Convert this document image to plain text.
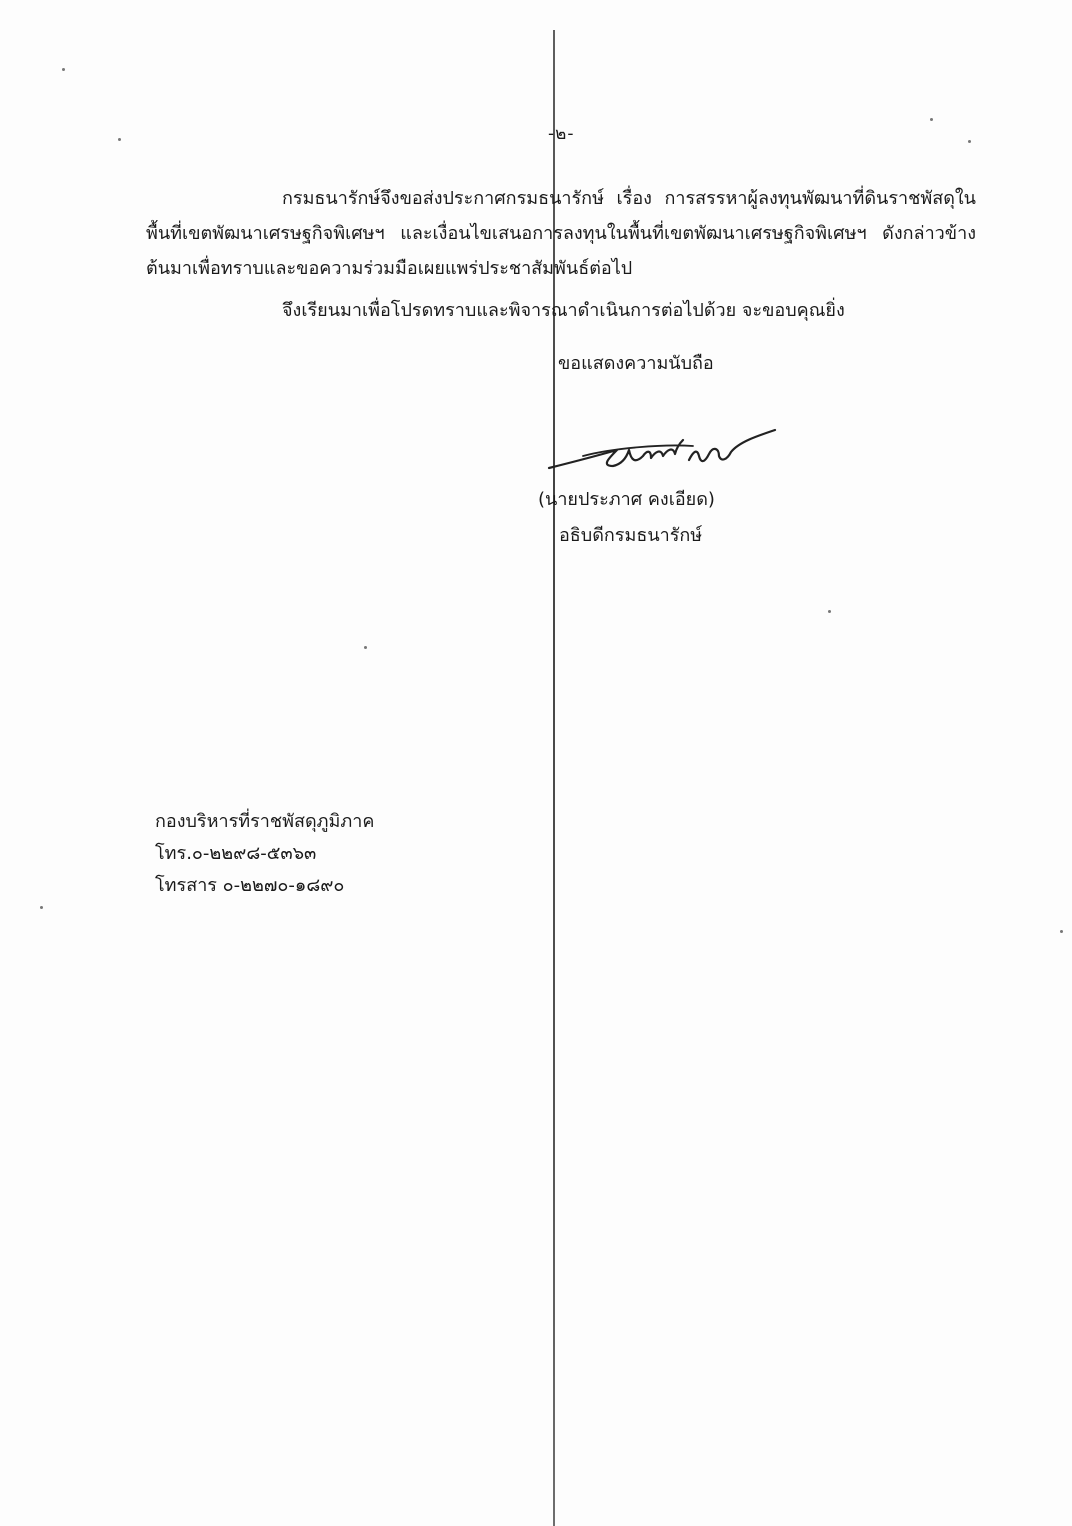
-๒-
กรมธนารักษ์จึงขอส่งประกาศกรมธนารักษ์ เรื่อง การสรรหาผู้ลงทุนพัฒนาที่ดินราชพัสดุในพื้นที่เขตพัฒนาเศรษฐกิจพิเศษฯ และเงื่อนไขเสนอการลงทุนในพื้นที่เขตพัฒนาเศรษฐกิจพิเศษฯ ดังกล่าวข้างต้นมาเพื่อทราบและขอความร่วมมือเผยแพร่ประชาสัมพันธ์ต่อไป
จึงเรียนมาเพื่อโปรดทราบและพิจารณาดำเนินการต่อไปด้วย จะขอบคุณยิ่ง
ขอแสดงความนับถือ
(นายประภาศ คงเอียด)
อธิบดีกรมธนารักษ์
กองบริหารที่ราชพัสดุภูมิภาค
โทร.๐-๒๒๙๘-๕๓๖๓
โทรสาร ๐-๒๒๗๐-๑๘๙๐
